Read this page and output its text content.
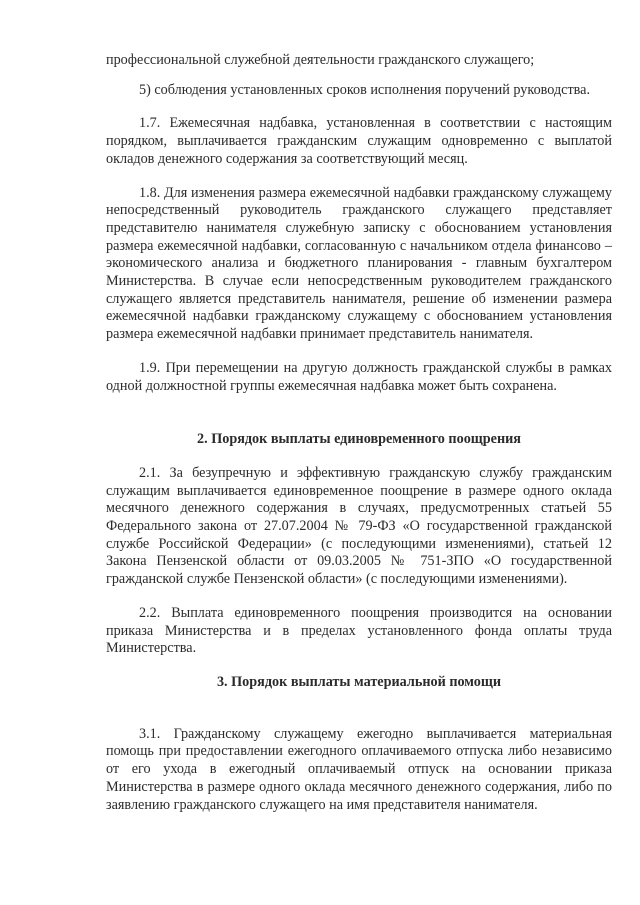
профессиональной служебной деятельности гражданского служащего;

5) соблюдения установленных сроков исполнения поручений руководства.

1.7. Ежемесячная надбавка, установленная в соответствии с настоящим порядком, выплачивается гражданским служащим одновременно с выплатой окладов денежного содержания за соответствующий месяц.

1.8. Для изменения размера ежемесячной надбавки гражданскому служащему непосредственный руководитель гражданского служащего представляет представителю нанимателя служебную записку с обоснованием установления размера ежемесячной надбавки, согласованную с начальником отдела финансово – экономического анализа и бюджетного планирования - главным бухгалтером Министерства. В случае если непосредственным руководителем гражданского служащего является представитель нанимателя, решение об изменении размера ежемесячной надбавки гражданскому служащему с обоснованием установления размера ежемесячной надбавки принимает представитель нанимателя.

1.9. При перемещении на другую должность гражданской службы в рамках одной должностной группы ежемесячная надбавка может быть сохранена.

2. Порядок выплаты единовременного поощрения

2.1. За безупречную и эффективную гражданскую службу гражданским служащим выплачивается единовременное поощрение в размере одного оклада месячного денежного содержания в случаях, предусмотренных статьей 55 Федерального закона от 27.07.2004 № 79-ФЗ «О государственной гражданской службе Российской Федерации» (с последующими изменениями), статьей 12 Закона Пензенской области от 09.03.2005 № 751-ЗПО «О государственной гражданской службе Пензенской области» (с последующими изменениями).

2.2. Выплата единовременного поощрения производится на основании приказа Министерства и в пределах установленного фонда оплаты труда Министерства.

3. Порядок выплаты материальной помощи

3.1. Гражданскому служащему ежегодно выплачивается материальная помощь при предоставлении ежегодного оплачиваемого отпуска либо независимо от его ухода в ежегодный оплачиваемый отпуск на основании приказа Министерства в размере одного оклада месячного денежного содержания, либо по заявлению гражданского служащего на имя представителя нанимателя.
